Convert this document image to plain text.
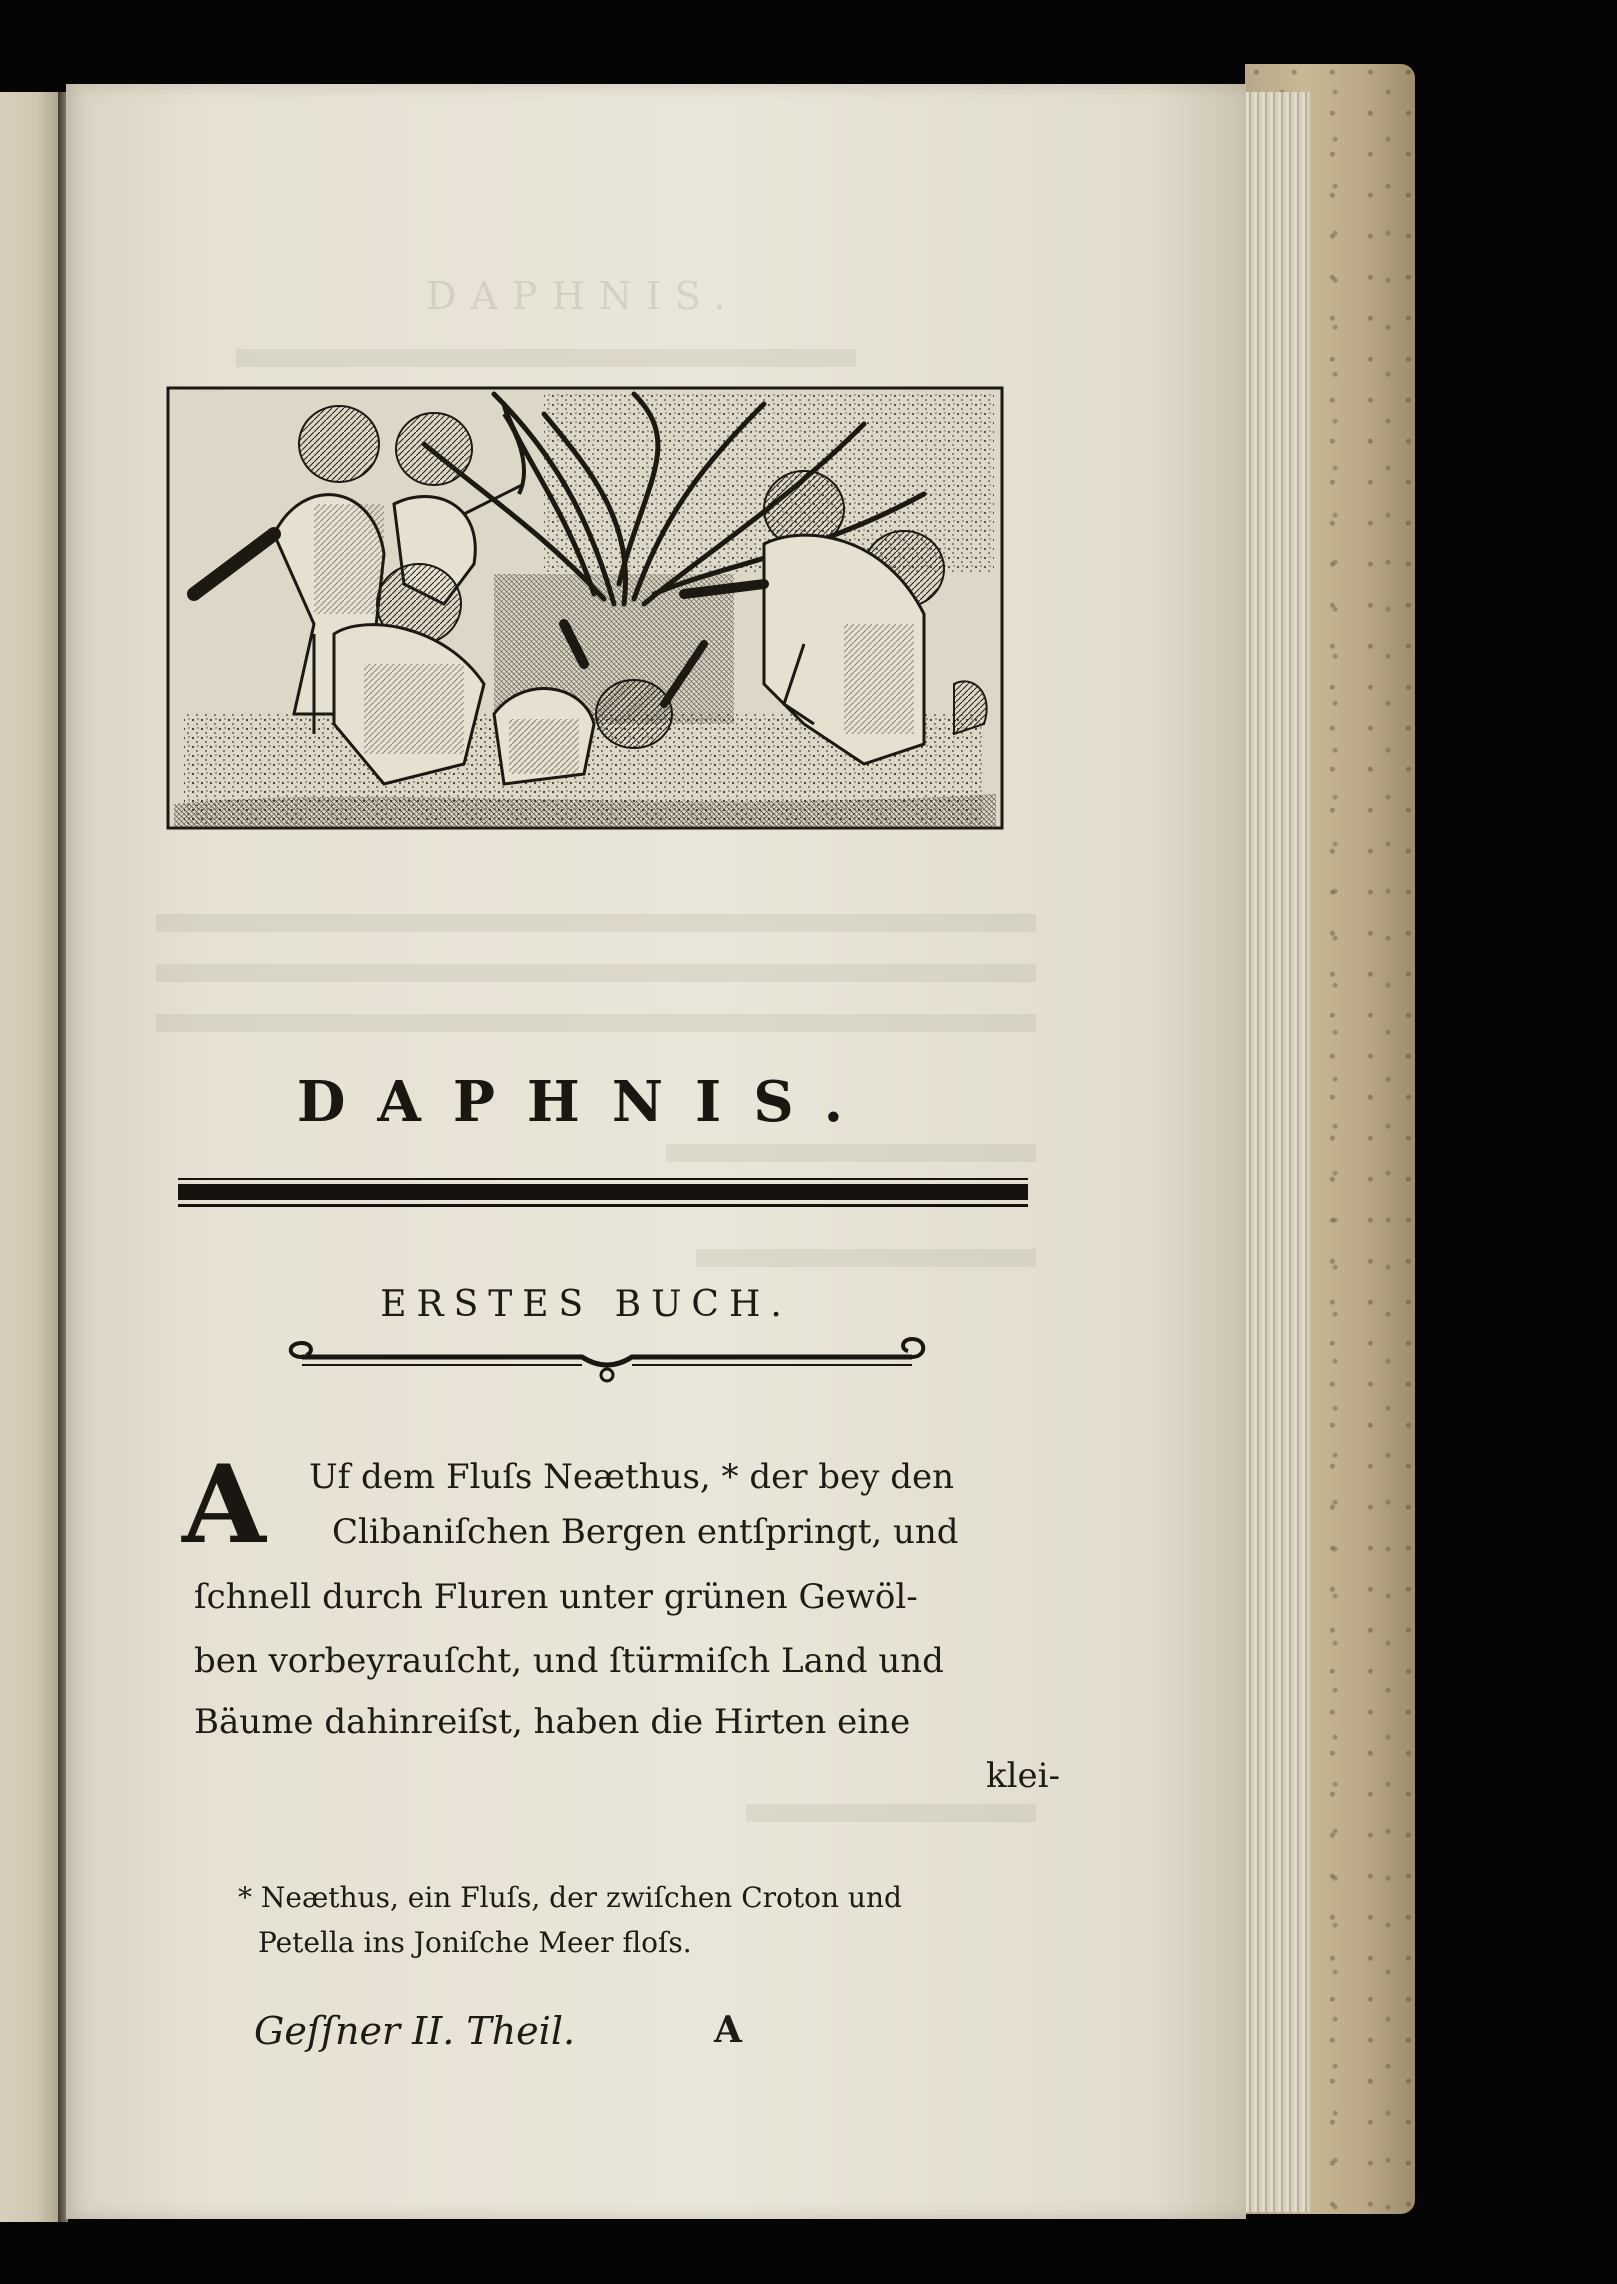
DAPHNIS.
DAPHNIS.
ERSTES BUCH.
A Uf dem Fluſs Neæthus, * der bey den
Clibaniſchen Bergen entſpringt, und
ſchnell durch Fluren unter grünen Gewöl-
ben vorbeyrauſcht, und ſtürmiſch Land und
Bäume dahinreiſst, haben die Hirten eine
klei-
* Neæthus, ein Fluſs, der zwiſchen Croton und
Petella ins Joniſche Meer floſs.
Geſſner II. Theil.	A
